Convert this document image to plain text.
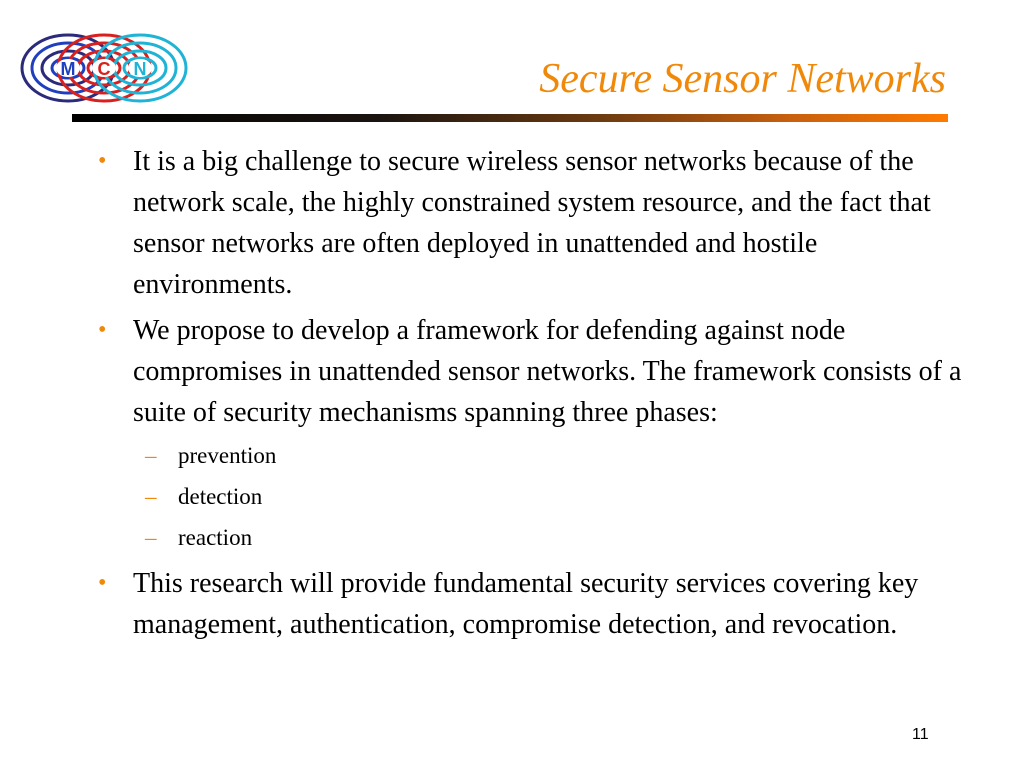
M C N	Secure Sensor Networks
• It is a big challenge to secure wireless sensor networks because of the network scale, the highly constrained system resource, and the fact that sensor networks are often deployed in unattended and hostile environments.
• We propose to develop a framework for defending against node compromises in unattended sensor networks. The framework consists of a suite of security mechanisms spanning three phases:
– prevention
– detection
– reaction
• This research will provide fundamental security services covering key management, authentication, compromise detection, and revocation.
11
